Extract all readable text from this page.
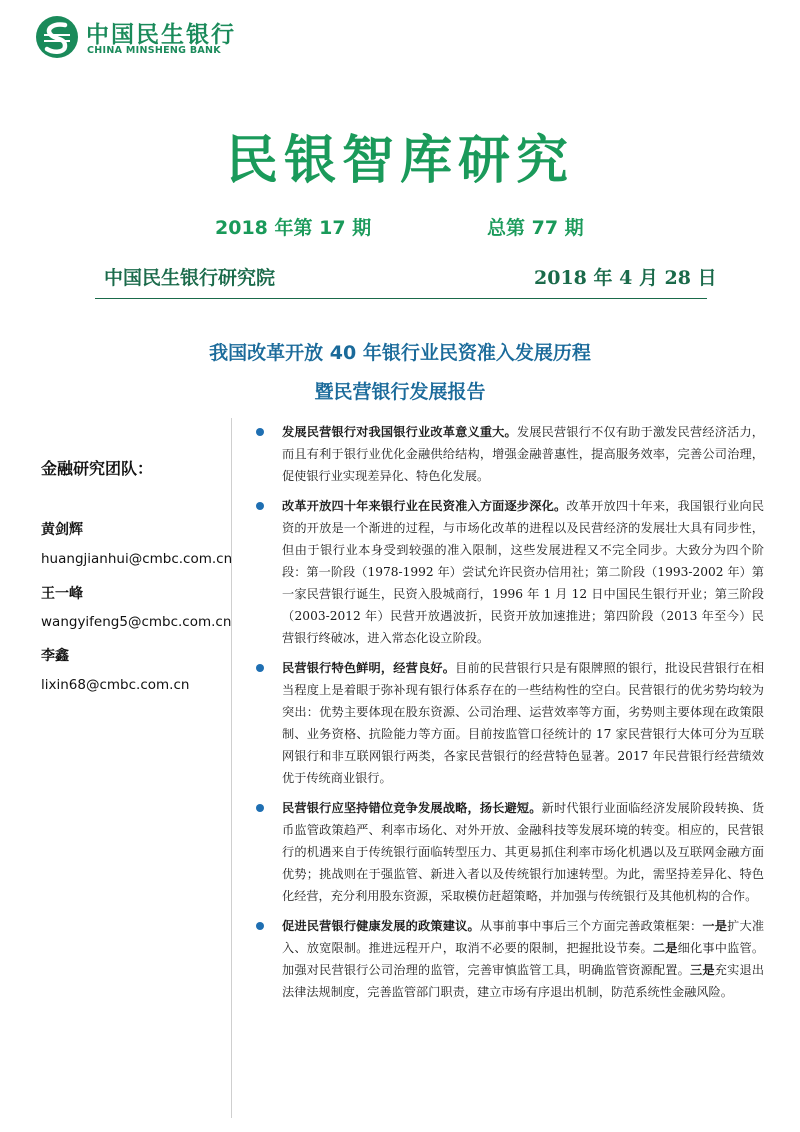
中国民生银行
CHINA MINSHENG BANK
民银智库研究
2018 年第 17 期	总第 77 期
中国民生银行研究院	2018 年 4 月 28 日
我国改革开放 40 年银行业民资准入发展历程
暨民营银行发展报告
金融研究团队：
黄剑辉
huangjianhui@cmbc.com.cn
王一峰
wangyifeng5@cmbc.com.cn
李鑫
lixin68@cmbc.com.cn
发展民营银行对我国银行业改革意义重大。发展民营银行不仅有助于激发民营经济活力，而且有利于银行业优化金融供给结构，增强金融普惠性，提高服务效率，完善公司治理，促使银行业实现差异化、特色化发展。
改革开放四十年来银行业在民资准入方面逐步深化。改革开放四十年来，我国银行业向民资的开放是一个渐进的过程，与市场化改革的进程以及民营经济的发展壮大具有同步性，但由于银行业本身受到较强的准入限制，这些发展进程又不完全同步。大致分为四个阶段：第一阶段（1978-1992 年）尝试允许民资办信用社；第二阶段（1993-2002 年）第一家民营银行诞生，民资入股城商行，1996 年 1 月 12 日中国民生银行开业；第三阶段（2003-2012 年）民营开放遇波折，民资开放加速推进；第四阶段（2013 年至今）民营银行终破冰，进入常态化设立阶段。
民营银行特色鲜明，经营良好。目前的民营银行只是有限牌照的银行，批设民营银行在相当程度上是着眼于弥补现有银行体系存在的一些结构性的空白。民营银行的优劣势均较为突出：优势主要体现在股东资源、公司治理、运营效率等方面，劣势则主要体现在政策限制、业务资格、抗险能力等方面。目前按监管口径统计的 17 家民营银行大体可分为互联网银行和非互联网银行两类，各家民营银行的经营特色显著。2017 年民营银行经营绩效优于传统商业银行。
民营银行应坚持错位竞争发展战略，扬长避短。新时代银行业面临经济发展阶段转换、货币监管政策趋严、利率市场化、对外开放、金融科技等发展环境的转变。相应的，民营银行的机遇来自于传统银行面临转型压力、其更易抓住利率市场化机遇以及互联网金融方面优势；挑战则在于强监管、新进入者以及传统银行加速转型。为此，需坚持差异化、特色化经营，充分利用股东资源，采取模仿赶超策略，并加强与传统银行及其他机构的合作。
促进民营银行健康发展的政策建议。从事前事中事后三个方面完善政策框架：一是扩大准入、放宽限制。推进远程开户，取消不必要的限制，把握批设节奏。二是细化事中监管。加强对民营银行公司治理的监管，完善审慎监管工具，明确监管资源配置。三是充实退出法律法规制度，完善监管部门职责，建立市场有序退出机制，防范系统性金融风险。
